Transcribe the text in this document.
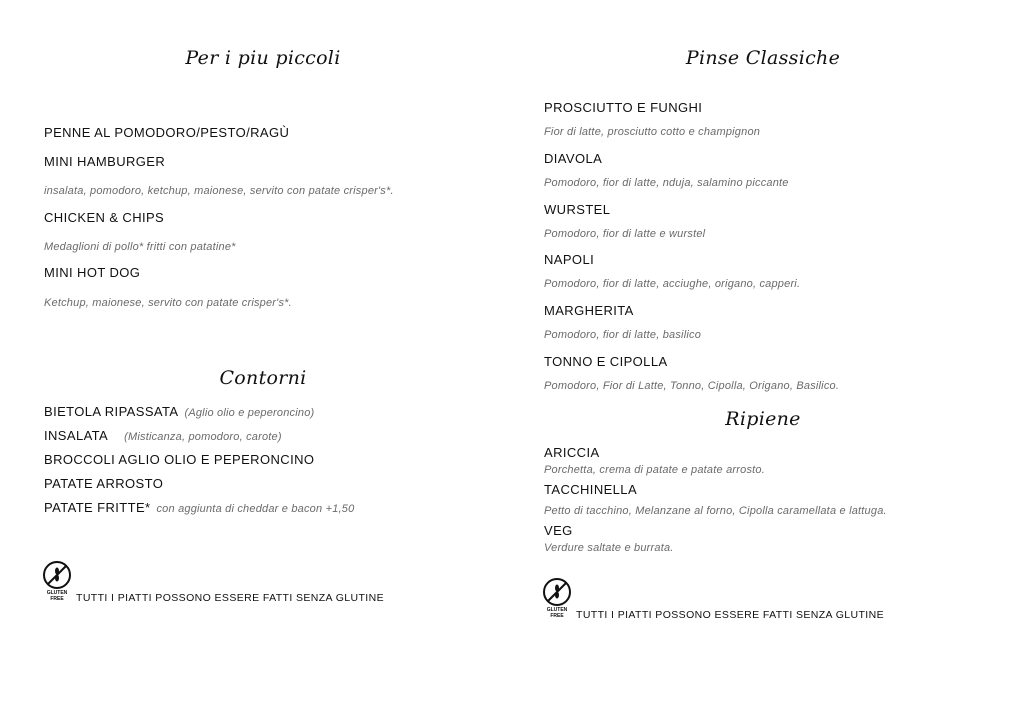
Per i piu piccoli
PENNE AL POMODORO/PESTO/RAGÙ
MINI HAMBURGER
insalata, pomodoro, ketchup, maionese, servito con patate crisper's*.
CHICKEN & CHIPS
Medaglioni di pollo* fritti con patatine*
MINI HOT DOG
Ketchup, maionese, servito con patate crisper's*.
Contorni
BIETOLA RIPASSATA (Aglio olio e peperoncino)
INSALATA (Misticanza, pomodoro, carote)
BROCCOLI AGLIO OLIO E PEPERONCINO
PATATE ARROSTO
PATATE FRITTE* con aggiunta di cheddar e bacon +1,50
GLUTEN
FREE	TUTTI I PIATTI POSSONO ESSERE FATTI SENZA GLUTINE
Pinse Classiche
PROSCIUTTO E FUNGHI
Fior di latte, prosciutto cotto e champignon
DIAVOLA
Pomodoro, fior di latte, nduja, salamino piccante
WURSTEL
Pomodoro, fior di latte e wurstel
NAPOLI
Pomodoro, fior di latte, acciughe, origano, capperi.
MARGHERITA
Pomodoro, fior di latte, basilico
TONNO E CIPOLLA
Pomodoro, Fior di Latte, Tonno, Cipolla, Origano, Basilico.
Ripiene
ARICCIA
Porchetta, crema di patate e patate arrosto.
TACCHINELLA
Petto di tacchino, Melanzane al forno, Cipolla caramellata e lattuga.
VEG
Verdure saltate e burrata.
GLUTEN
FREE	TUTTI I PIATTI POSSONO ESSERE FATTI SENZA GLUTINE
